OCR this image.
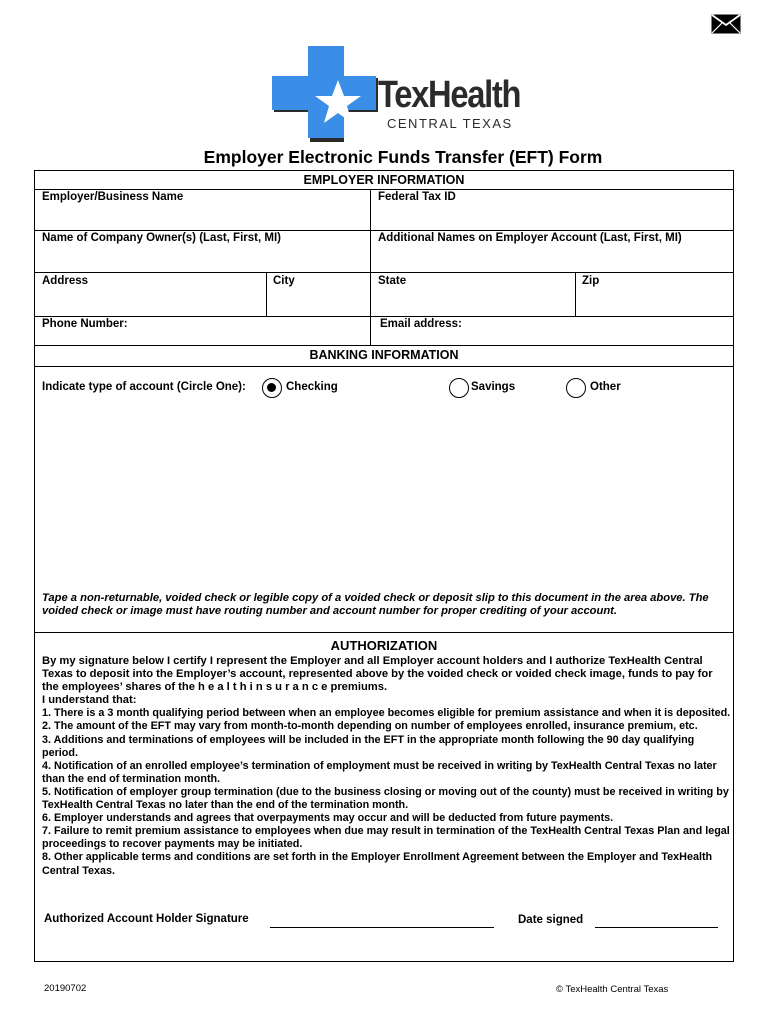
TexHealth
CENTRAL TEXAS
Employer Electronic Funds Transfer (EFT) Form
EMPLOYER INFORMATION
Employer/Business Name	Federal Tax ID
Name of Company Owner(s) (Last, First, MI)	Additional Names on Employer Account (Last, First, MI)
Address	City	State	Zip
Phone Number:	Email address:
BANKING INFORMATION
Indicate type of account (Circle One):	Checking	Savings	Other
Tape a non-returnable, voided check or legible copy of a voided check or deposit slip to this document in the area above. The voided check or image must have routing number and account number for proper crediting of your account.
AUTHORIZATION

By my signature below I certify I represent the Employer and all Employer account holders and I authorize TexHealth Central Texas to deposit into the Employer’s account, represented above by the voided check or voided check image, funds to pay for the employees’ shares of the h e a l t h i n s u r a n c e premiums.

I understand that:

1. There is a 3 month qualifying period between when an employee becomes eligible for premium assistance and when it is deposited.

2. The amount of the EFT may vary from month-to-month depending on number of employees enrolled, insurance premium, etc.

3. Additions and terminations of employees will be included in the EFT in the appropriate month following the 90 day qualifying period.

4. Notification of an enrolled employee’s termination of employment must be received in writing by TexHealth Central Texas no later than the end of termination month.

5. Notification of employer group termination (due to the business closing or moving out of the county) must be received in writing by TexHealth Central Texas no later than the end of the termination month.

6. Employer understands and agrees that overpayments may occur and will be deducted from future payments.

7. Failure to remit premium assistance to employees when due may result in termination of the TexHealth Central Texas Plan and legal proceedings to recover payments may be initiated.

8. Other applicable terms and conditions are set forth in the Employer Enrollment Agreement between the Employer and TexHealth Central Texas.

Authorized Account Holder Signature	Date signed
20190702	© TexHealth Central Texas
